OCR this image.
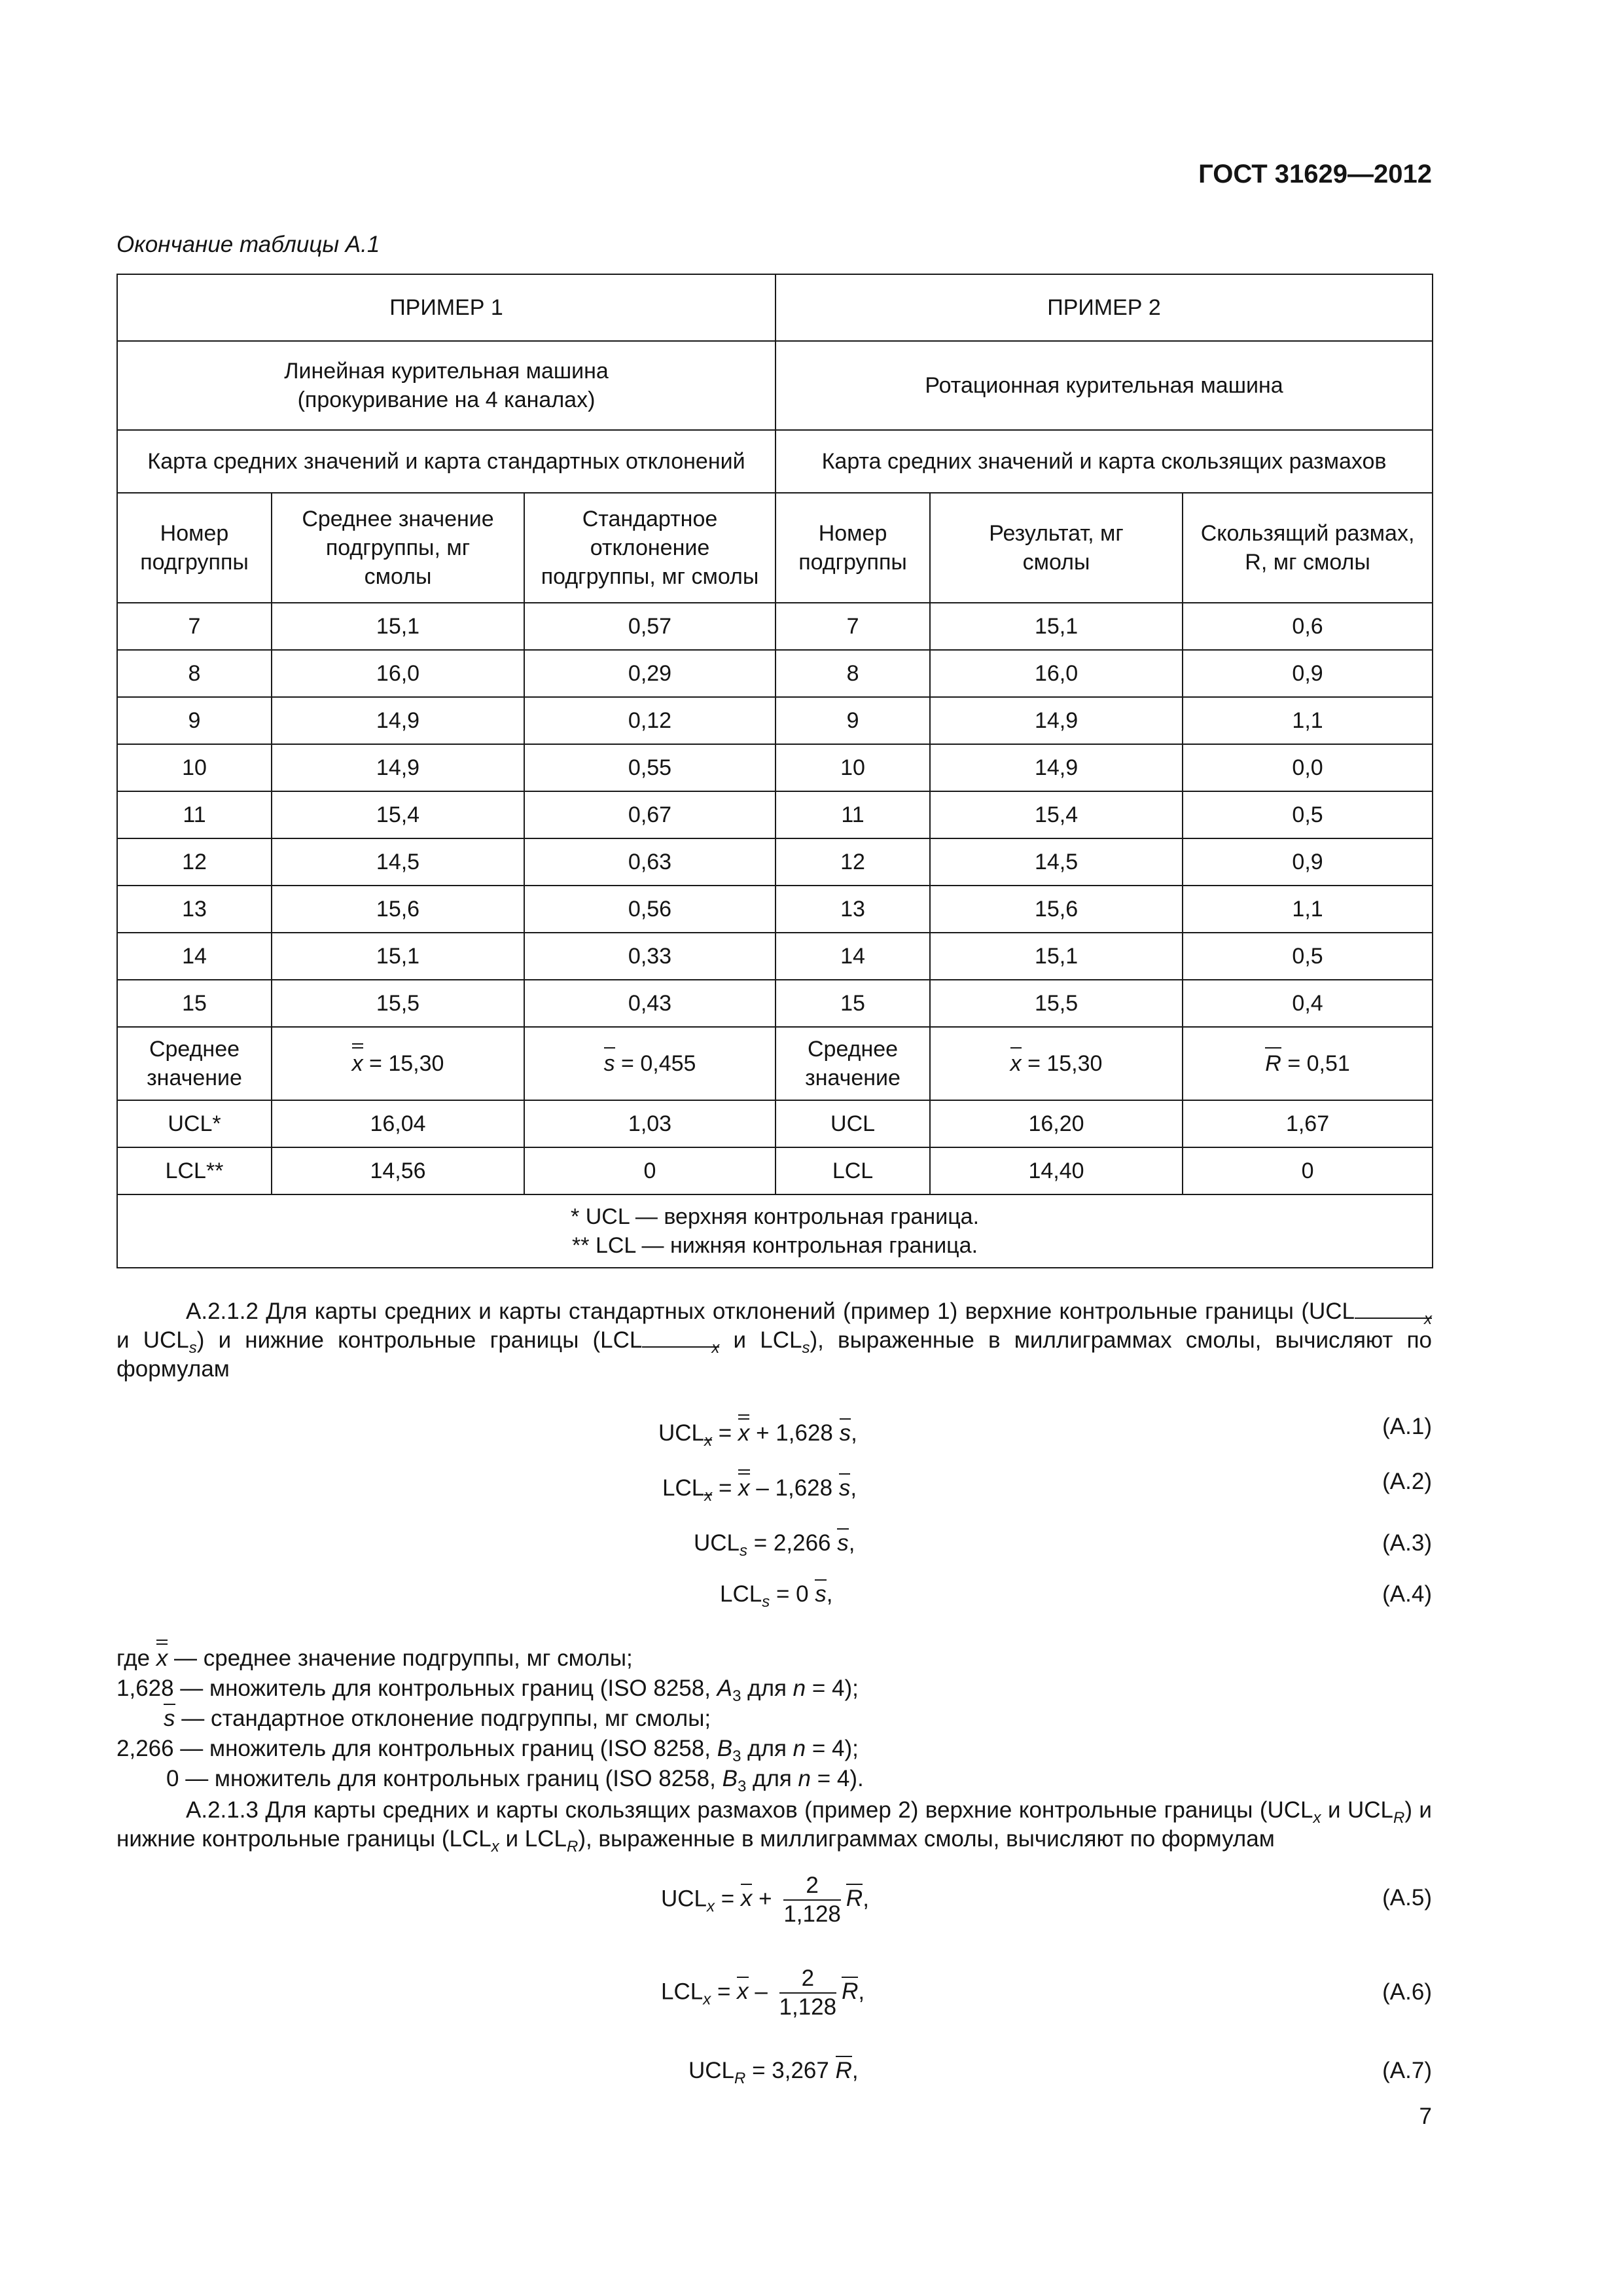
ГОСТ 31629—2012
Окончание таблицы А.1
ПРИМЕР 1			ПРИМЕР 2		
Линейная курительная машина (прокуривание на 4 каналах)			Ротационная курительная машина		
Карта средних значений и карта стандартных отклонений			Карта средних значений и карта скользящих размахов		
Номер подгруппы	Среднее значение подгруппы, мг смолы	Стандартное отклонение подгруппы, мг смолы	Номер подгруппы	Результат, мг смолы	Скользящий размах, R, мг смолы
7	15,1	0,57	7	15,1	0,6
8	16,0	0,29	8	16,0	0,9
9	14,9	0,12	9	14,9	1,1
10	14,9	0,55	10	14,9	0,0
11	15,4	0,67	11	15,4	0,5
12	14,5	0,63	12	14,5	0,9
13	15,6	0,56	13	15,6	1,1
14	15,1	0,33	14	15,1	0,5
15	15,5	0,43	15	15,5	0,4
Среднее значение	x = 15,30	s = 0,455	Среднее значение	x = 15,30	R = 0,51
UCL*	16,04	1,03	UCL	16,20	1,67
LCL**	14,56	0	LCL	14,40	0

* UCL — верхняя контрольная граница.
** LCL — нижняя контрольная граница.					
А.2.1.2 Для карты средних и карты стандартных отклонений (пример 1) верхние контрольные границы (UCL	$_x$ и $UCL_s$) и нижние контрольные границы (LCL	$_x$ и $LCL_s$), выраженные в миллиграммах смолы, вычисляют по формулам
$UCL_x = x + 1,628$ s,	(А.1)
$LCL_x = x - 1,628$ s,	(А.2)
$UCL_s = 2,266$ s,	(А.3)
$LCL_s = 0$ s,	(А.4)
где x — среднее значение подгруппы, мг смолы;
1,628 — множитель для контрольных границ (ISO 8258, $A_3$ для n = 4);
s — стандартное отклонение подгруппы, мг смолы;
2,266 — множитель для контрольных границ (ISO 8258, $B_3$ для n = 4);
0 — множитель для контрольных границ (ISO 8258, $B_3$ для n = 4).
А.2.1.3 Для карты средних и карты скользящих размахов (пример 2) верхние контрольные границы ($UCL_x$ и $UCL_R$) и нижние контрольные границы ($LCL_x$ и $LCL_R$), выраженные в миллиграммах смолы, вычисляют по формулам
$UCL_x = x + \frac{2}{1,128} R$,	(А.5)
$LCL_x = x - \frac{2}{1,128} R$,	(А.6)
$UCL_R = 3,267$ R,	(А.7)
7
